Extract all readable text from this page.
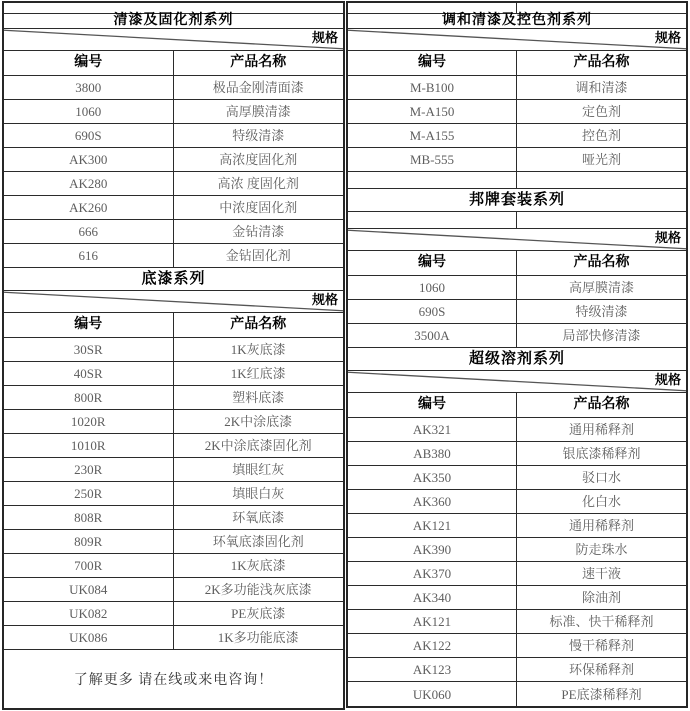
清漆及固化剂系列
规格
编号	产品名称
3800	极品金刚清面漆
1060	高厚膜清漆
690S	特级清漆
AK300	高浓度固化剂
AK280	高浓 度固化剂
AK260	中浓度固化剂
666	金钻清漆
616	金钻固化剂
底漆系列
规格
编号	产品名称
30SR	1K灰底漆
40SR	1K红底漆
800R	塑料底漆
1020R	2K中涂底漆
1010R	2K中涂底漆固化剂
230R	填眼红灰
250R	填眼白灰
808R	环氧底漆
809R	环氧底漆固化剂
700R	1K灰底漆
UK084	2K多功能浅灰底漆
UK082	PE灰底漆
UK086	1K多功能底漆
了解更多 请在线或来电咨询！
调和清漆及控色剂系列
规格
编号	产品名称
M-B100	调和清漆
M-A150	定色剂
M-A155	控色剂
MB-555	哑光剂
邦牌套装系列
规格
编号	产品名称
1060	高厚膜清漆
690S	特级清漆
3500A	局部快修清漆
超级溶剂系列
规格
编号	产品名称
AK321	通用稀释剂
AB380	银底漆稀释剂
AK350	驳口水
AK360	化白水
AK121	通用稀释剂
AK390	防走珠水
AK370	速干液
AK340	除油剂
AK121	标准、快干稀释剂
AK122	慢干稀释剂
AK123	环保稀释剂
UK060	PE底漆稀释剂
